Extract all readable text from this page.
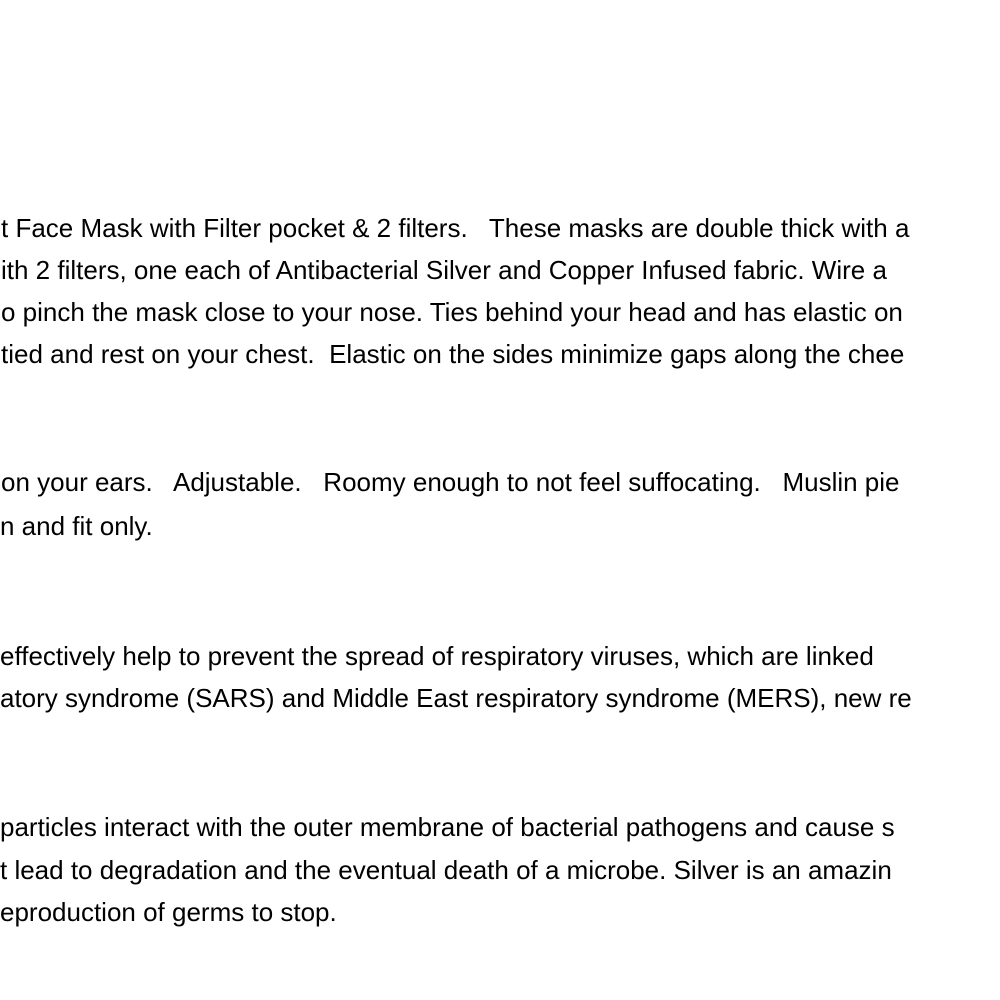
t Face Mask with Filter pocket & 2 filters.   These masks are double thick with a
ith 2 filters, one each of Antibacterial Silver and Copper Infused fabric. Wire a
o pinch the mask close to your nose. Ties behind your head and has elastic on
tied and rest on your chest.  Elastic on the sides minimize gaps along the chee
on your ears.   Adjustable.   Roomy enough to not feel suffocating.   Muslin pie
n and fit only.
effectively help to prevent the spread of respiratory viruses, which are linked
atory syndrome (SARS) and Middle East respiratory syndrome (MERS), new re
particles interact with the outer membrane of bacterial pathogens and cause s
t lead to degradation and the eventual death of a microbe. Silver is an amazin
eproduction of germs to stop.
